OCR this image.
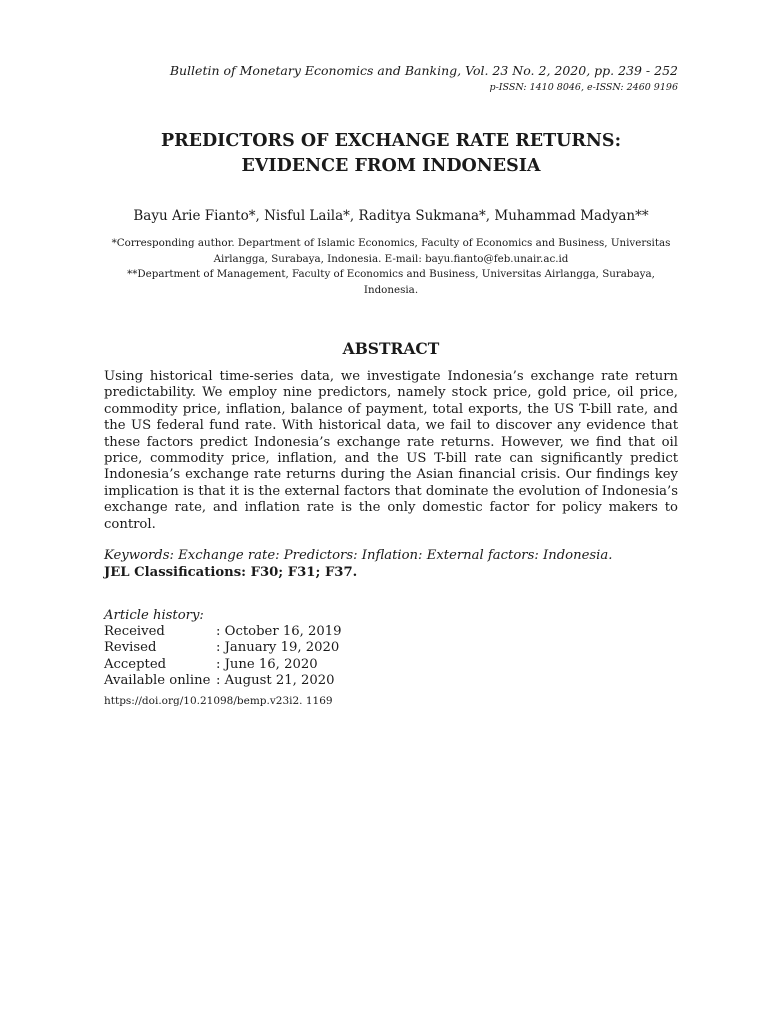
Bulletin of Monetary Economics and Banking, Vol. 23 No. 2, 2020, pp. 239 - 252
p-ISSN: 1410 8046, e-ISSN: 2460 9196
PREDICTORS OF EXCHANGE RATE RETURNS:
EVIDENCE FROM INDONESIA
Bayu Arie Fianto*, Nisful Laila*, Raditya Sukmana*, Muhammad Madyan**
*Corresponding author. Department of Islamic Economics, Faculty of Economics and Business, Universitas Airlangga, Surabaya, Indonesia. E-mail: bayu.fianto@feb.unair.ac.id
**Department of Management, Faculty of Economics and Business, Universitas Airlangga, Surabaya, Indonesia.
ABSTRACT
Using historical time-series data, we investigate Indonesia’s exchange rate return predictability. We employ nine predictors, namely stock price, gold price, oil price, commodity price, inflation, balance of payment, total exports, the US T-bill rate, and the US federal fund rate. With historical data, we fail to discover any evidence that these factors predict Indonesia’s exchange rate returns. However, we find that oil price, commodity price, inflation, and the US T-bill rate can significantly predict Indonesia’s exchange rate returns during the Asian financial crisis. Our findings key implication is that it is the external factors that dominate the evolution of Indonesia’s exchange rate, and inflation rate is the only domestic factor for policy makers to control.
Keywords: Exchange rate: Predictors: Inflation: External factors: Indonesia.
JEL Classifications: F30; F31; F37.
Article history:
Received	: October 16, 2019
Revised	: January 19, 2020
Accepted	: June 16, 2020
Available online : August 21, 2020
https://doi.org/10.21098/bemp.v23i2. 1169
